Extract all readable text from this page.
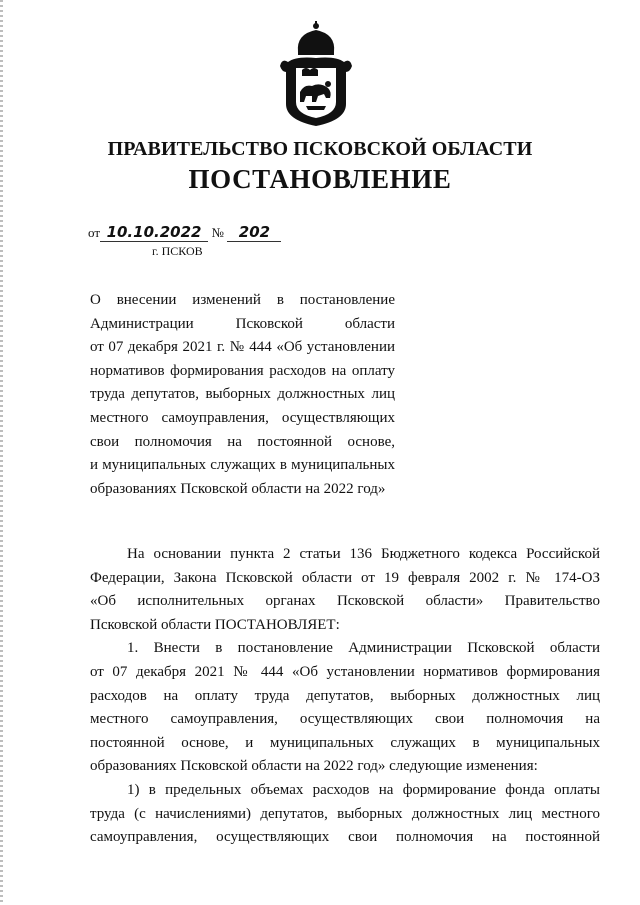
ПРАВИТЕЛЬСТВО ПСКОВСКОЙ ОБЛАСТИ
ПОСТАНОВЛЕНИЕ
от 10.10.2022 № 202
г. ПСКОВ
О внесении изменений в постановление
Администрации Псковской области
от 07 декабря 2021 г. № 444 «Об установлении
нормативов формирования расходов на оплату
труда депутатов, выборных должностных лиц
местного самоуправления, осуществляющих
свои полномочия на постоянной основе,
и муниципальных служащих в муниципальных
образованиях Псковской области на 2022 год»
На основании пункта 2 статьи 136 Бюджетного кодекса Российской
Федерации, Закона Псковской области от 19 февраля 2002 г. № 174-ОЗ
«Об исполнительных органах Псковской области» Правительство
Псковской области ПОСТАНОВЛЯЕТ:
1. Внести в постановление Администрации Псковской области
от 07 декабря 2021 № 444 «Об установлении нормативов формирования
расходов на оплату труда депутатов, выборных должностных лиц
местного самоуправления, осуществляющих свои полномочия на
постоянной основе, и муниципальных служащих в муниципальных
образованиях Псковской области на 2022 год» следующие изменения:
1) в предельных объемах расходов на формирование фонда оплаты
труда (с начислениями) депутатов, выборных должностных лиц местного
самоуправления, осуществляющих свои полномочия на постоянной
